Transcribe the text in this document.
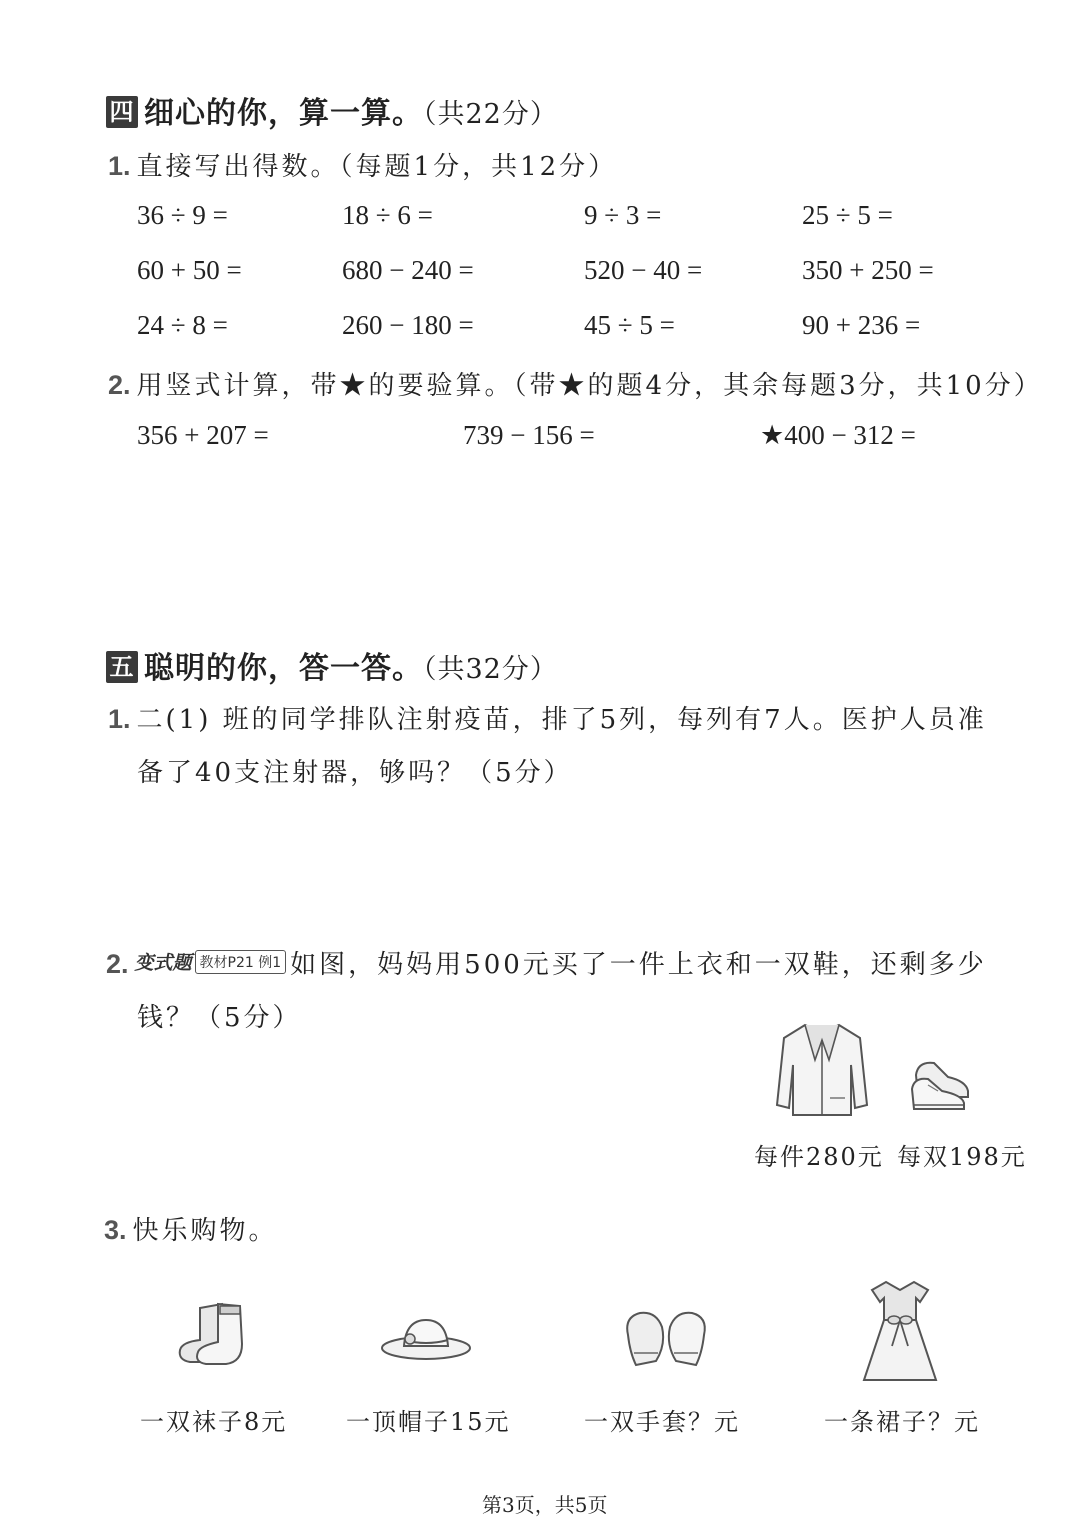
四 细心的你，算一算。（共22分）
1. 直接写出得数。（每题1分，共12分）
36 ÷ 9 =	18 ÷ 6 =	9 ÷ 3 =	25 ÷ 5 =
60 + 50 =	680 − 240 =	520 − 40 =	350 + 250 =
24 ÷ 8 =	260 − 180 =	45 ÷ 5 =	90 + 236 =
2. 用竖式计算，带★的要验算。（带★的题4分，其余每题3分，共10分）
356 + 207 =	739 − 156 =	★400 − 312 =
五 聪明的你，答一答。（共32分）
1. 二(1) 班的同学排队注射疫苗，排了5列，每列有7人。医护人员准
备了40支注射器，够吗？（5分）
2. 变式题 教材P21 例1 如图，妈妈用500元买了一件上衣和一双鞋，还剩多少
钱？（5分）
每件280元 每双198元
3. 快乐购物。
一双袜子8元 一顶帽子15元	一双手套？元	一条裙子？元
第3页，共5页
